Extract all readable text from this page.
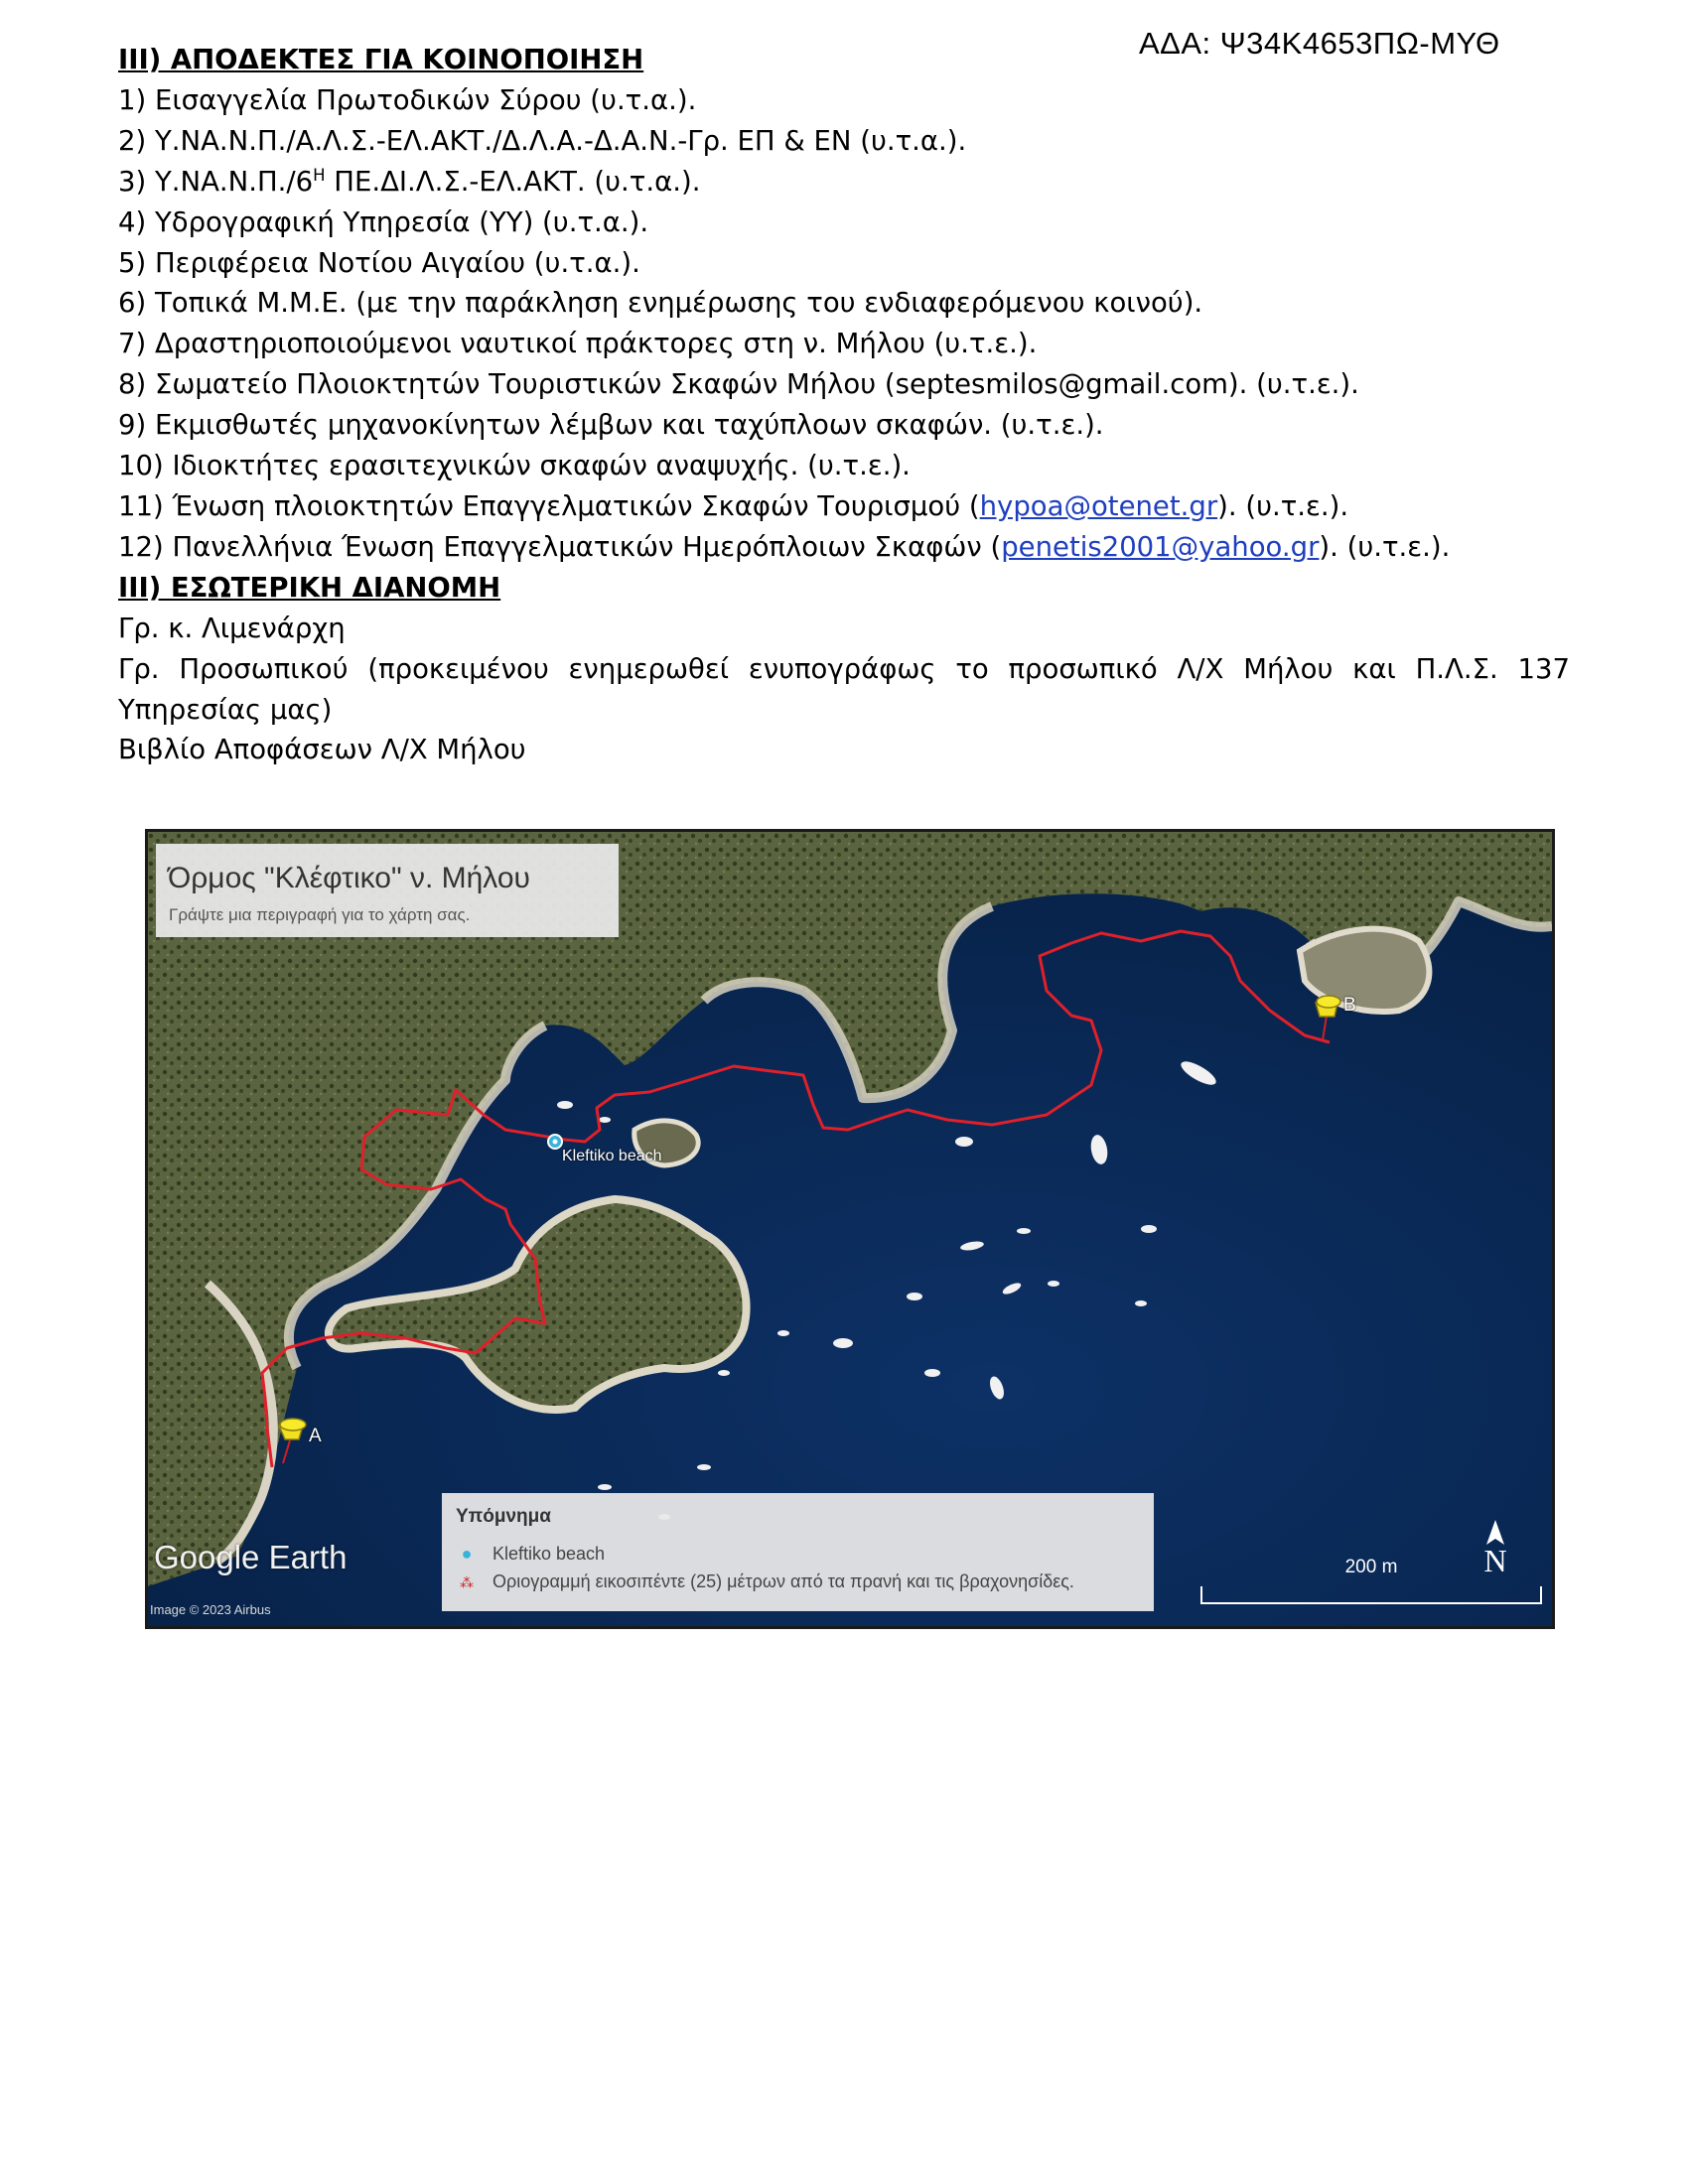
ΑΔΑ: Ψ34Κ4653ΠΩ-ΜΥΘ
ΙΙΙ) ΑΠΟΔΕΚΤΕΣ ΓΙΑ ΚΟΙΝΟΠΟΙΗΣΗ
1) Εισαγγελία Πρωτοδικών Σύρου (υ.τ.α.).
2) Υ.ΝΑ.Ν.Π./Α.Λ.Σ.-ΕΛ.ΑΚΤ./Δ.Λ.Α.-Δ.Α.Ν.-Γρ. ΕΠ & ΕΝ (υ.τ.α.).
3) $\Upsilon.NA.N.\Pi./6^H$ ΠΕ.ΔΙ.Λ.Σ.-ΕΛ.ΑΚΤ. (υ.τ.α.).
4) Υδρογραφική Υπηρεσία (ΥΥ) (υ.τ.α.).
5) Περιφέρεια Νοτίου Αιγαίου (υ.τ.α.).
6) Τοπικά Μ.Μ.Ε. (με την παράκληση ενημέρωσης του ενδιαφερόμενου κοινού).
7) Δραστηριοποιούμενοι ναυτικοί πράκτορες στη ν. Μήλου (υ.τ.ε.).
8) Σωματείο Πλοιοκτητών Τουριστικών Σκαφών Μήλου (septesmilos@gmail.com). (υ.τ.ε.).
9) Εκμισθωτές μηχανοκίνητων λέμβων και ταχύπλοων σκαφών. (υ.τ.ε.).
10) Ιδιοκτήτες ερασιτεχνικών σκαφών αναψυχής. (υ.τ.ε.).
11) Ένωση πλοιοκτητών Επαγγελματικών Σκαφών Τουρισμού (hypoa@otenet.gr). (υ.τ.ε.).
12) Πανελλήνια Ένωση Επαγγελματικών Ημερόπλοιων Σκαφών (penetis2001@yahoo.gr). (υ.τ.ε.).
ΙΙΙ) ΕΣΩΤΕΡΙΚΗ ΔΙΑΝΟΜΗ
Γρ. κ. Λιμενάρχη
Γρ. Προσωπικού (προκειμένου ενημερωθεί ενυπογράφως το προσωπικό Λ/Χ Μήλου και Π.Λ.Σ. 137 Υπηρεσίας μας)
Βιβλίο Αποφάσεων Λ/Χ Μήλου
Όρμος "Κλέφτικο" ν. Μήλου
Γράψτε μια περιγραφή για το χάρτη σας.
Kleftiko beach
A
B
Υπόμνημα
● Kleftiko beach
⁂ Οριογραμμή εικοσιπέντε (25) μέτρων από τα πρανή και τις βραχονησίδες.
Google Earth
Image © 2023 Airbus
N
200 m
